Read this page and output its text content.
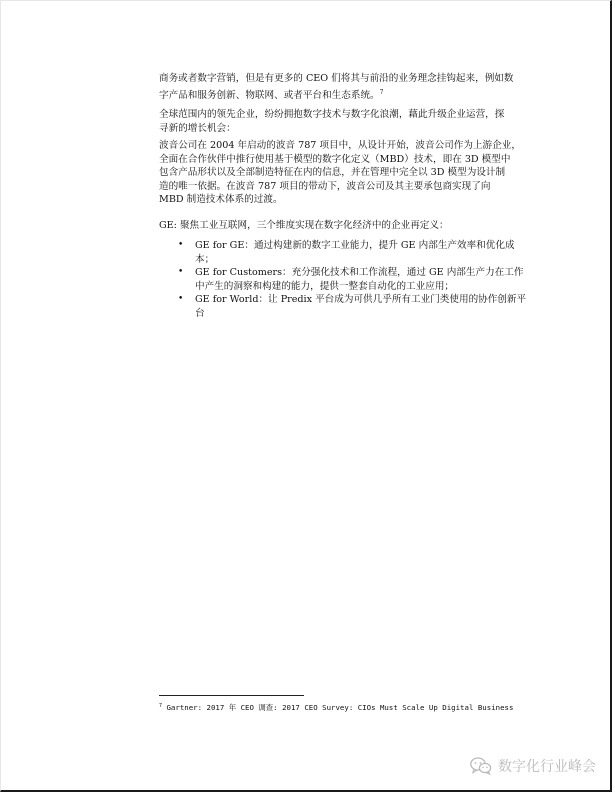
商务或者数字营销，但是有更多的 CEO 们将其与前沿的业务理念挂钩起来，例如数
字产品和服务创新、物联网、或者平台和生态系统。$^7$
全球范围内的领先企业，纷纷拥抱数字技术与数字化浪潮，藉此升级企业运营，探
寻新的增长机会：
波音公司在 2004 年启动的波音 787 项目中，从设计开始，波音公司作为上游企业，
全面在合作伙伴中推行使用基于模型的数字化定义（MBD）技术，即在 3D 模型中
包含产品形状以及全部制造特征在内的信息，并在管理中完全以 3D 模型为设计制
造的唯一依据。在波音 787 项目的带动下，波音公司及其主要承包商实现了向
MBD 制造技术体系的过渡。
GE: 聚焦工业互联网，三个维度实现在数字化经济中的企业再定义：
• GE for GE：通过构建新的数字工业能力，提升 GE 内部生产效率和优化成
本；
• GE for Customers：充分强化技术和工作流程，通过 GE 内部生产力在工作
中产生的洞察和构建的能力，提供一整套自动化的工业应用；
• GE for World：让 Predix 平台成为可供几乎所有工业门类使用的协作创新平
台
$^7$ Gartner: 2017 年 CEO 调查: 2017 CEO Survey: CIOs Must Scale Up Digital Business
数字化行业峰会
